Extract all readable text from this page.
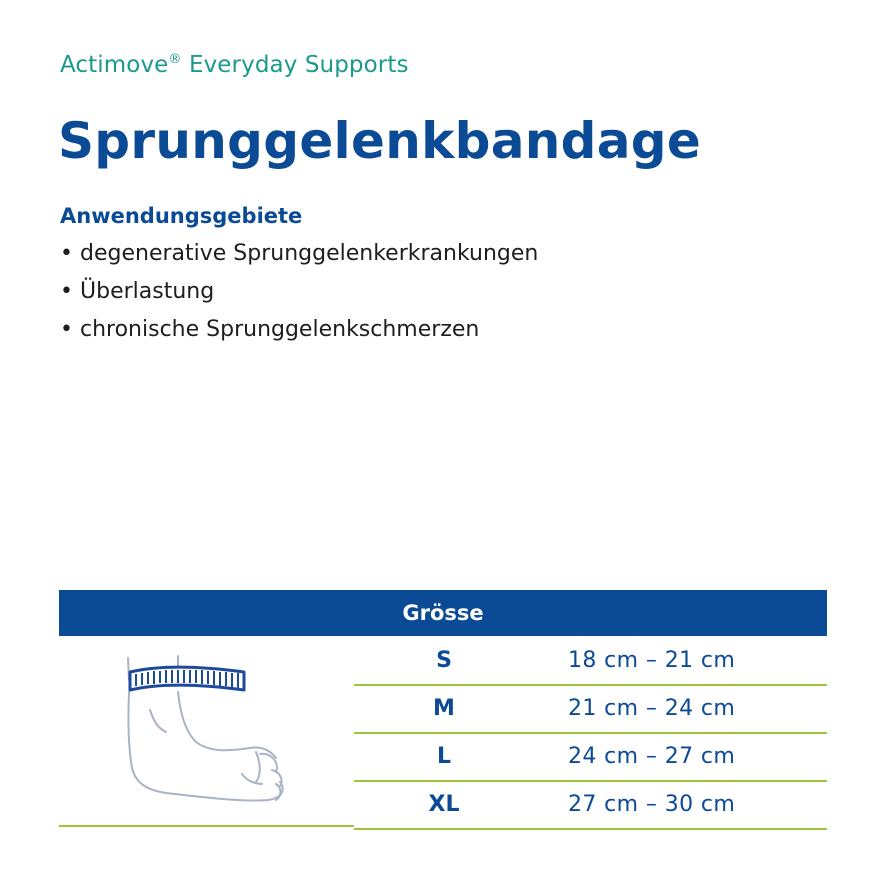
Actimove® Everyday Supports
Sprunggelenkbandage
Anwendungsgebiete
• degenerative Sprunggelenkerkrankungen
• Überlastung
• chronische Sprunggelenkschmerzen
Grösse
S	18 cm – 21 cm
M	21 cm – 24 cm
L	24 cm – 27 cm
XL	27 cm – 30 cm
